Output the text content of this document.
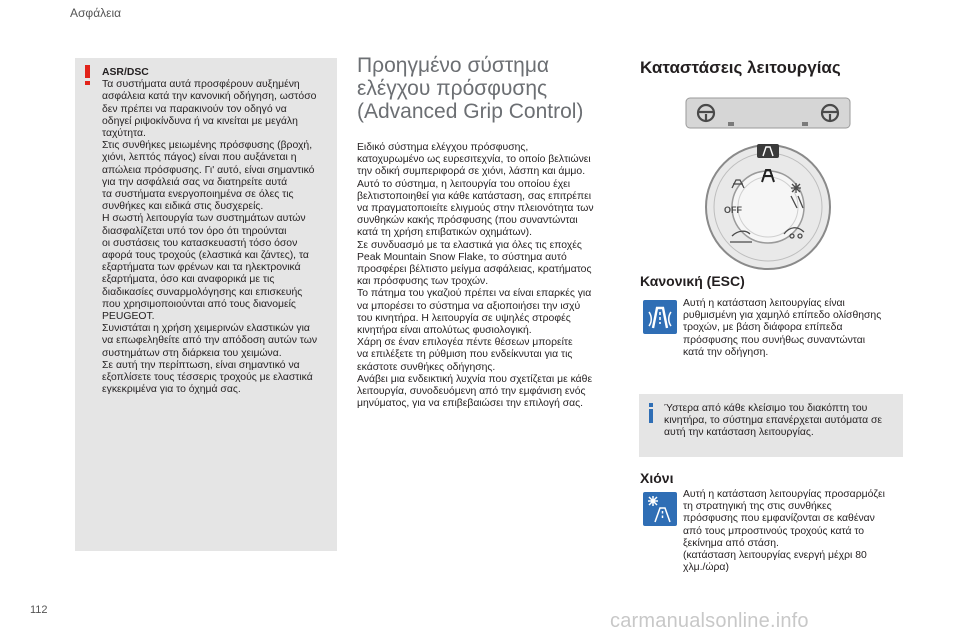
Ασφάλεια
ASR/DSC
Τα συστήματα αυτά προσφέρουν αυξημένη
ασφάλεια κατά την κανονική οδήγηση, ωστόσο
δεν πρέπει να παρακινούν τον οδηγό να
οδηγεί ριψοκίνδυνα ή να κινείται με μεγάλη
ταχύτητα.
Στις συνθήκες μειωμένης πρόσφυσης (βροχή,
χιόνι, λεπτός πάγος) είναι που αυξάνεται η
απώλεια πρόσφυσης. Γι' αυτό, είναι σημαντικό
για την ασφάλειά σας να διατηρείτε αυτά
τα συστήματα ενεργοποιημένα σε όλες τις
συνθήκες και ειδικά στις δυσχερείς.
Η σωστή λειτουργία των συστημάτων αυτών
διασφαλίζεται υπό τον όρο ότι τηρούνται
οι συστάσεις του κατασκευαστή τόσο όσον
αφορά τους τροχούς (ελαστικά και ζάντες), τα
εξαρτήματα των φρένων και τα ηλεκτρονικά
εξαρτήματα, όσο και αναφορικά με τις
διαδικασίες συναρμολόγησης και επισκευής
που χρησιμοποιούνται από τους διανομείς
PEUGEOT.
Συνιστάται η χρήση χειμερινών ελαστικών για
να επωφεληθείτε από την απόδοση αυτών των
συστημάτων στη διάρκεια του χειμώνα.
Σε αυτή την περίπτωση, είναι σημαντικό να
εξοπλίσετε τους τέσσερις τροχούς με ελαστικά
εγκεκριμένα για το όχημά σας.
Προηγμένο σύστημα ελέγχου πρόσφυσης (Advanced Grip Control)
Ειδικό σύστημα ελέγχου πρόσφυσης,
κατοχυρωμένο ως ευρεσιτεχνία, το οποίο βελτιώνει
την οδική συμπεριφορά σε χιόνι, λάσπη και άμμο.
Αυτό το σύστημα, η λειτουργία του οποίου έχει
βελτιστοποιηθεί για κάθε κατάσταση, σας επιτρέπει
να πραγματοποιείτε ελιγμούς στην πλειονότητα των
συνθηκών κακής πρόσφυσης (που συναντώνται
κατά τη χρήση επιβατικών οχημάτων).
Σε συνδυασμό με τα ελαστικά για όλες τις εποχές
Peak Mountain Snow Flake, το σύστημα αυτό
προσφέρει βέλτιστο μείγμα ασφάλειας, κρατήματος
και πρόσφυσης των τροχών.
Το πάτημα του γκαζιού πρέπει να είναι επαρκές για
να μπορέσει το σύστημα να αξιοποιήσει την ισχύ
του κινητήρα. Η λειτουργία σε υψηλές στροφές
κινητήρα είναι απολύτως φυσιολογική.
Χάρη σε έναν επιλογέα πέντε θέσεων μπορείτε
να επιλέξετε τη ρύθμιση που ενδείκνυται για τις
εκάστοτε συνθήκες οδήγησης.
Ανάβει μια ενδεικτική λυχνία που σχετίζεται με κάθε
λειτουργία, συνοδευόμενη από την εμφάνιση ενός
μηνύματος, για να επιβεβαιώσει την επιλογή σας.
Καταστάσεις λειτουργίας
OFF
Κανονική (ESC)
Αυτή η κατάσταση λειτουργίας είναι
ρυθμισμένη για χαμηλό επίπεδο ολίσθησης
τροχών, με βάση διάφορα επίπεδα
πρόσφυσης που συνήθως συναντώνται
κατά την οδήγηση.
Ύστερα από κάθε κλείσιμο του διακόπτη του κινητήρα, το σύστημα επανέρχεται αυτόματα σε αυτή την κατάσταση λειτουργίας.
Χιόνι
Αυτή η κατάσταση λειτουργίας προσαρμόζει
τη στρατηγική της στις συνθήκες
πρόσφυσης που εμφανίζονται σε καθέναν
από τους μπροστινούς τροχούς κατά το
ξεκίνημα από στάση.
(κατάσταση λειτουργίας ενεργή μέχρι 80
χλμ./ώρα)
112	carmanualsonline.info
